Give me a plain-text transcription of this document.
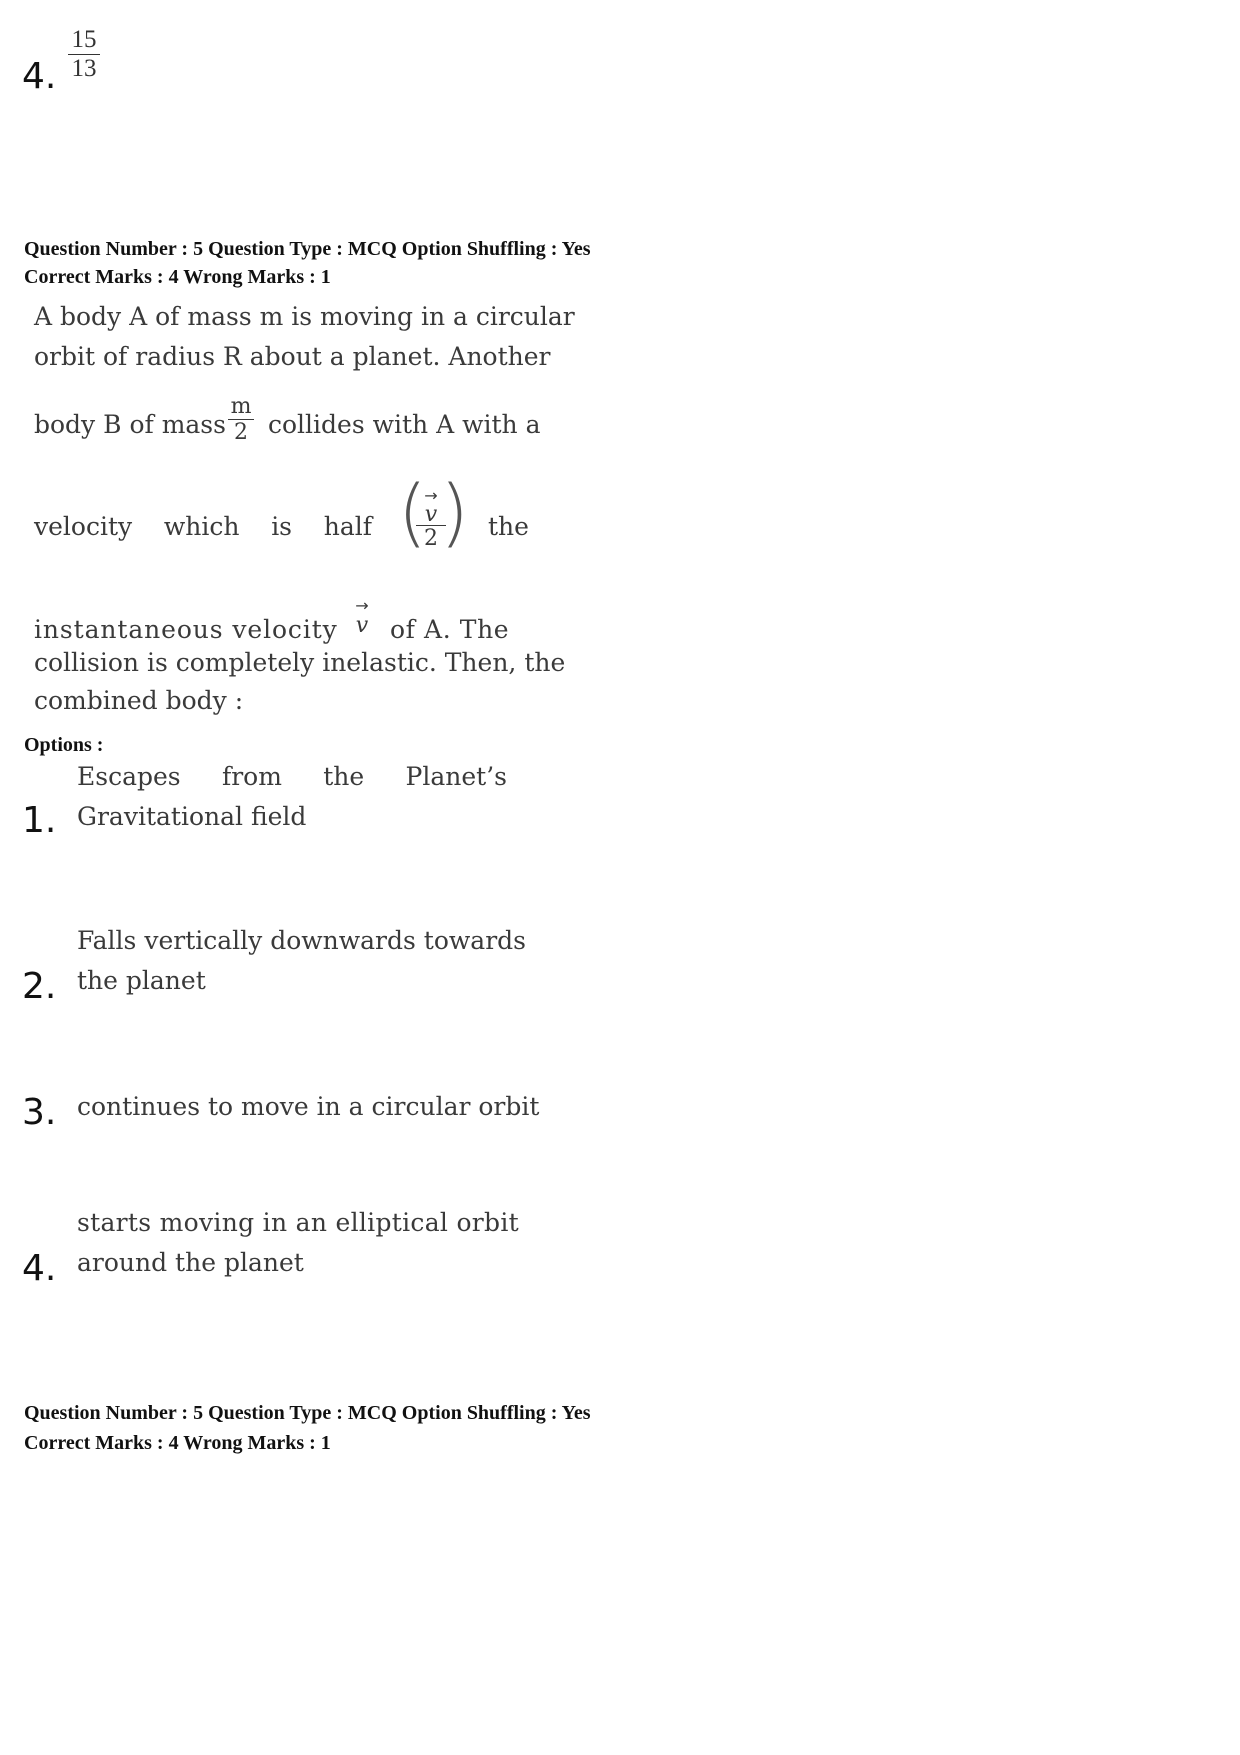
4. $\frac{15}{13}$
Question Number : 5 Question Type : MCQ Option Shuffling : Yes
Correct Marks : 4 Wrong Marks : 1
A body A of mass m is moving in a circular
orbit of radius R about a planet. Another
body B of mass $\frac{m}{2}$ collides with A with a
velocity which is half (
→
v
2 ) the
instantaneous velocity
→
v of A. The
collision is completely inelastic. Then, the
combined body :
Options :
1.
Escapes from the Planet’s
Gravitational field
2.
Falls vertically downwards towards
the planet
3. continues to move in a circular orbit
4.
starts moving in an elliptical orbit
around the planet
Question Number : 5 Question Type : MCQ Option Shuffling : Yes
Correct Marks : 4 Wrong Marks : 1
